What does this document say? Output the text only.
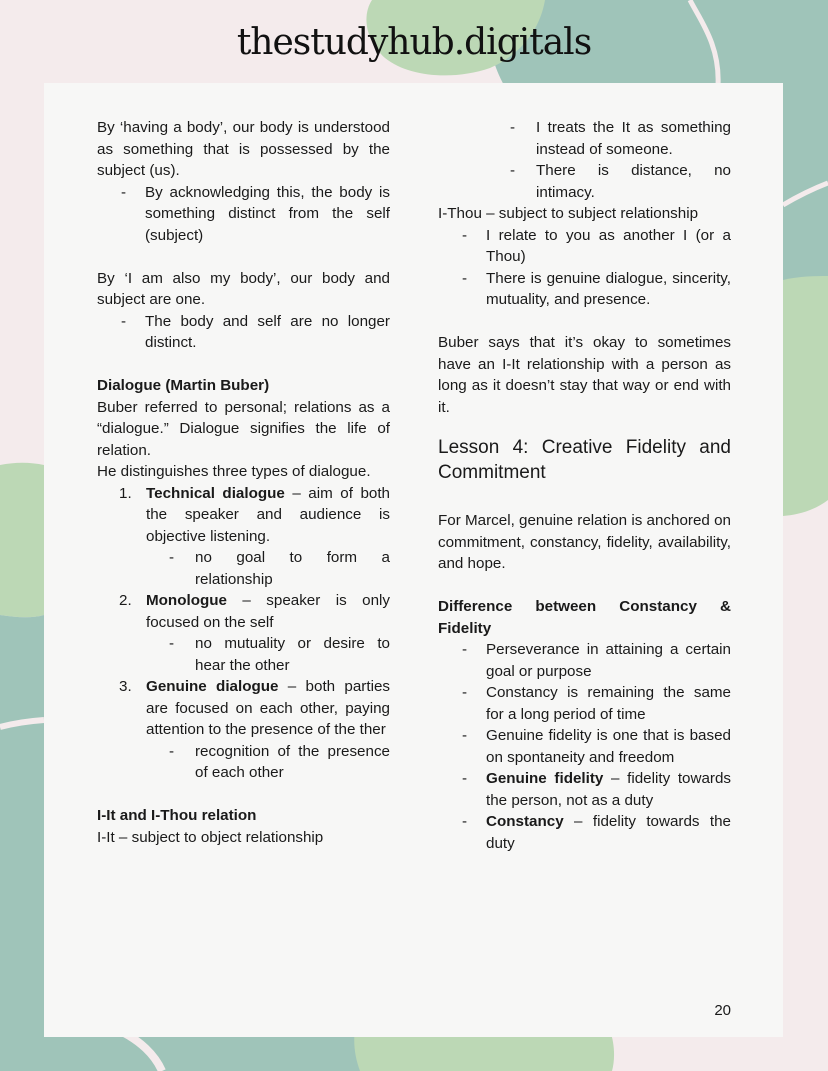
thestudyhub.digitals
By ‘having a body’, our body is understood as something that is possessed by the subject (us).
-	By acknowledging this, the body is something distinct from the self (subject)
By ‘I am also my body’, our body and subject are one.
-	The body and self are no longer distinct.
Dialogue (Martin Buber)
Buber referred to personal; relations as a “dialogue.” Dialogue signifies the life of relation.
He distinguishes three types of dialogue.
1. Technical dialogue – aim of both the speaker and audience is objective listening.
-	no goal to form a relationship
2. Monologue – speaker is only focused on the self
-	no mutuality or desire to hear the other
3. Genuine dialogue – both parties are focused on each other, paying attention to the presence of the ther
-	recognition of the presence of each other
I-It and I-Thou relation
I-It – subject to object relationship
-	I treats the It as something instead of someone.
-	There is distance, no intimacy.
I-Thou – subject to subject relationship
-	I relate to you as another I (or a Thou)
-	There is genuine dialogue, sincerity, mutuality, and presence.
Buber says that it’s okay to sometimes have an I-It relationship with a person as long as it doesn’t stay that way or end with it.
Lesson 4: Creative Fidelity and Commitment
For Marcel, genuine relation is anchored on commitment, constancy, fidelity, availability, and hope.
Difference between Constancy & Fidelity
-	Perseverance in attaining a certain goal or purpose
-	Constancy is remaining the same for a long period of time
-	Genuine fidelity is one that is based on spontaneity and freedom
-	Genuine fidelity – fidelity towards the person, not as a duty
-	Constancy – fidelity towards the duty
20
